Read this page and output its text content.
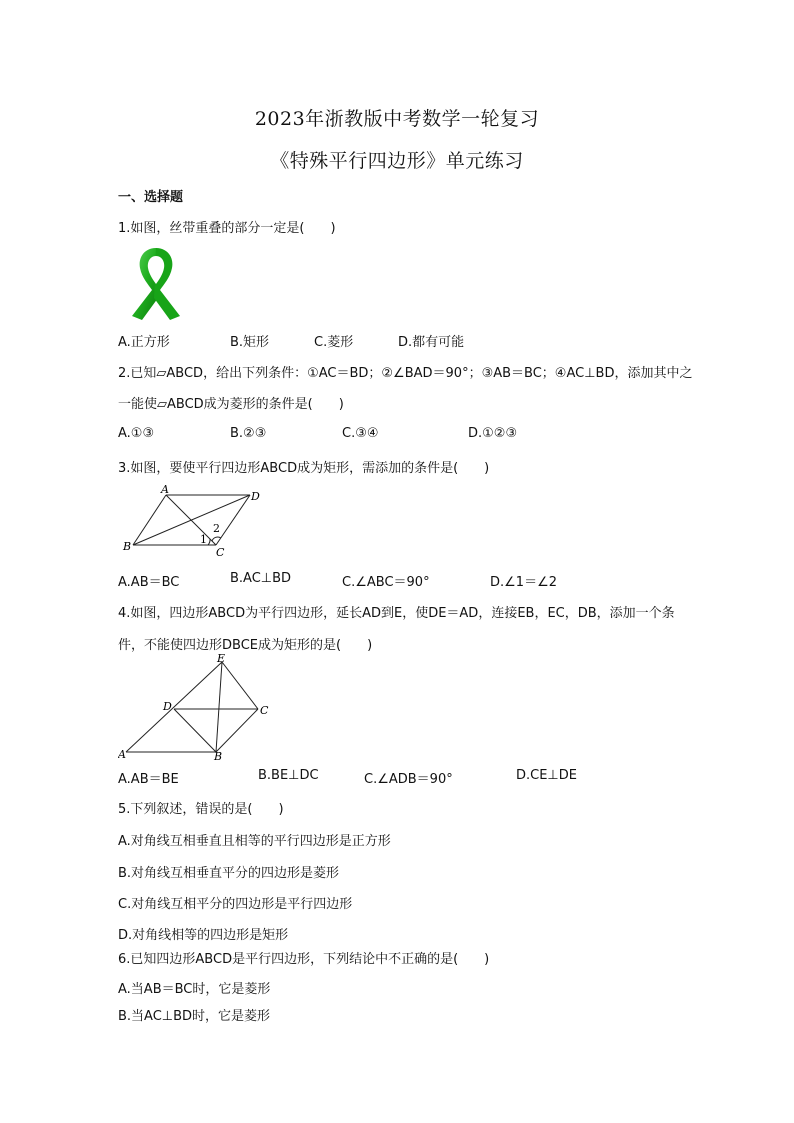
2023年浙教版中考数学一轮复习
《特殊平行四边形》单元练习
一、选择题
1.如图，丝带重叠的部分一定是(　　)
A.正方形	B.矩形	C.菱形	D.都有可能
2.已知▱ABCD，给出下列条件：①AC＝BD；②∠BAD＝90°；③AB＝BC；④AC⊥BD，添加其中之
一能使▱ABCD成为菱形的条件是(　　)
A.①③	B.②③	C.③④	D.①②③
3.如图，要使平行四边形ABCD成为矩形，需添加的条件是(　　)
A
D
B	C
1
2
A.AB＝BC	B.AC⊥BD	C.∠ABC＝90°	D.∠1＝∠2
4.如图，四边形ABCD为平行四边形，延长AD到E，使DE＝AD，连接EB，EC，DB，添加一个条
件，不能使四边形DBCE成为矩形的是(　　)
E
D	C
A	B
A.AB＝BE	B.BE⊥DC	C.∠ADB＝90°	D.CE⊥DE
5.下列叙述，错误的是(　　)
A.对角线互相垂直且相等的平行四边形是正方形
B.对角线互相垂直平分的四边形是菱形
C.对角线互相平分的四边形是平行四边形
D.对角线相等的四边形是矩形
6.已知四边形ABCD是平行四边形，下列结论中不正确的是(　　)
A.当AB＝BC时，它是菱形
B.当AC⊥BD时，它是菱形
